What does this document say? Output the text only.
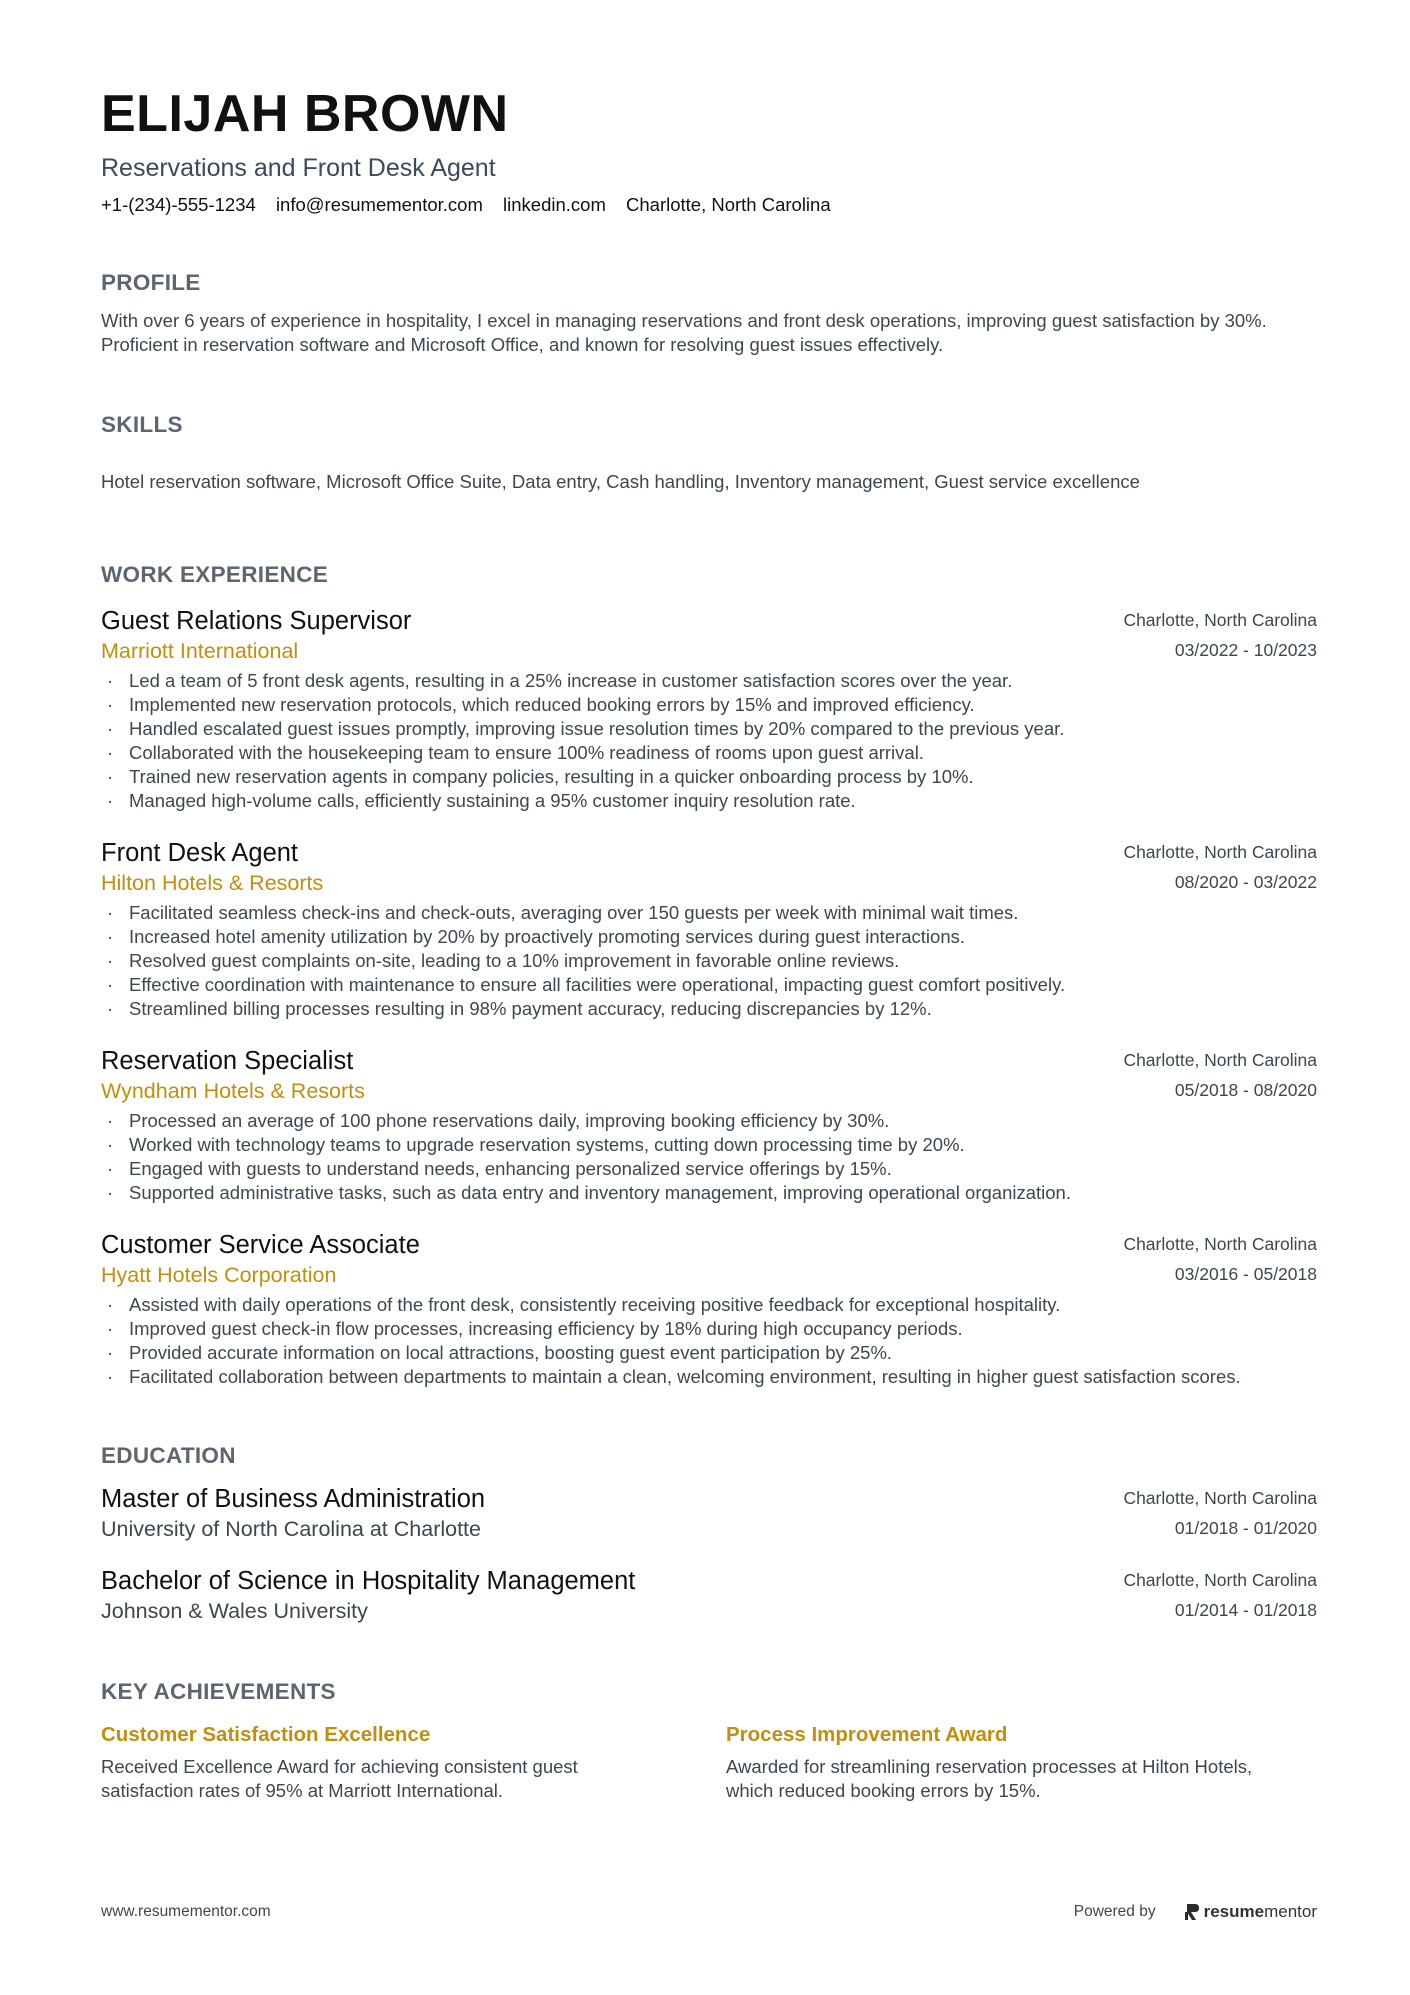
ELIJAH BROWN
Reservations and Front Desk Agent
+1-(234)-555-1234 info@resumementor.com linkedin.com Charlotte, North Carolina
PROFILE
With over 6 years of experience in hospitality, I excel in managing reservations and front desk operations, improving guest satisfaction by 30%. Proficient in reservation software and Microsoft Office, and known for resolving guest issues effectively.
SKILLS
Hotel reservation software, Microsoft Office Suite, Data entry, Cash handling, Inventory management, Guest service excellence
WORK EXPERIENCE
Guest Relations Supervisor
Marriott International
Charlotte, North Carolina
03/2022 - 10/2023
· Led a team of 5 front desk agents, resulting in a 25% increase in customer satisfaction scores over the year.
· Implemented new reservation protocols, which reduced booking errors by 15% and improved efficiency.
· Handled escalated guest issues promptly, improving issue resolution times by 20% compared to the previous year.
· Collaborated with the housekeeping team to ensure 100% readiness of rooms upon guest arrival.
· Trained new reservation agents in company policies, resulting in a quicker onboarding process by 10%.
· Managed high-volume calls, efficiently sustaining a 95% customer inquiry resolution rate.
Front Desk Agent
Hilton Hotels & Resorts
Charlotte, North Carolina
08/2020 - 03/2022
· Facilitated seamless check-ins and check-outs, averaging over 150 guests per week with minimal wait times.
· Increased hotel amenity utilization by 20% by proactively promoting services during guest interactions.
· Resolved guest complaints on-site, leading to a 10% improvement in favorable online reviews.
· Effective coordination with maintenance to ensure all facilities were operational, impacting guest comfort positively.
· Streamlined billing processes resulting in 98% payment accuracy, reducing discrepancies by 12%.
Reservation Specialist
Wyndham Hotels & Resorts
Charlotte, North Carolina
05/2018 - 08/2020
· Processed an average of 100 phone reservations daily, improving booking efficiency by 30%.
· Worked with technology teams to upgrade reservation systems, cutting down processing time by 20%.
· Engaged with guests to understand needs, enhancing personalized service offerings by 15%.
· Supported administrative tasks, such as data entry and inventory management, improving operational organization.
Customer Service Associate
Hyatt Hotels Corporation
Charlotte, North Carolina
03/2016 - 05/2018
· Assisted with daily operations of the front desk, consistently receiving positive feedback for exceptional hospitality.
· Improved guest check-in flow processes, increasing efficiency by 18% during high occupancy periods.
· Provided accurate information on local attractions, boosting guest event participation by 25%.
· Facilitated collaboration between departments to maintain a clean, welcoming environment, resulting in higher guest satisfaction scores.
EDUCATION
Master of Business Administration
University of North Carolina at Charlotte
Charlotte, North Carolina
01/2018 - 01/2020
Bachelor of Science in Hospitality Management
Johnson & Wales University
Charlotte, North Carolina
01/2014 - 01/2018
KEY ACHIEVEMENTS
Customer Satisfaction Excellence
Received Excellence Award for achieving consistent guest satisfaction rates of 95% at Marriott International.
Process Improvement Award
Awarded for streamlining reservation processes at Hilton Hotels, which reduced booking errors by 15%.
www.resumementor.com	Powered by	resume mentor
